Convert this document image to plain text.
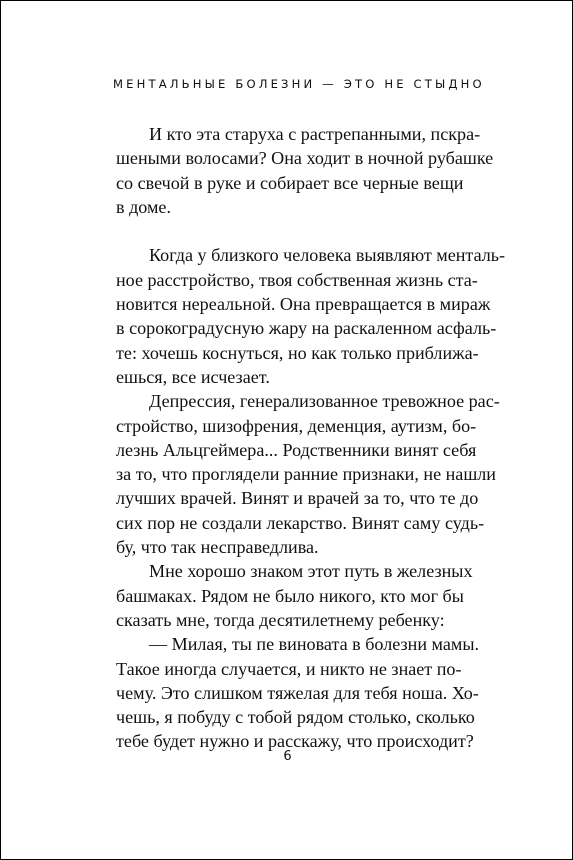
МЕНТАЛЬНЫЕ БОЛЕЗНИ — ЭТО НЕ СТЫДНО
И кто эта старуха с растрепанными, пскра-
шеными волосами? Она ходит в ночной рубашке
со свечой в руке и собирает все черные вещи
в доме.
Когда у близкого человека выявляют менталь-
ное расстройство, твоя собственная жизнь ста-
новится нереальной. Она превращается в мираж
в сорокоградусную жару на раскаленном асфаль-
те: хочешь коснуться, но как только приближа-
ешься, все исчезает.
Депрессия, генерализованное тревожное рас-
стройство, шизофрения, деменция, аутизм, бо-
лезнь Альцгеймера... Родственники винят себя
за то, что проглядели ранние признаки, не нашли
лучших врачей. Винят и врачей за то, что те до
сих пор не создали лекарство. Винят саму судь-
бу, что так несправедлива.
Мне хорошо знаком этот путь в железных
башмаках. Рядом не было никого, кто мог бы
сказать мне, тогда десятилетнему ребенку:
— Милая, ты пе виновата в болезни мамы.
Такое иногда случается, и никто не знает по-
чему. Это слишком тяжелая для тебя ноша. Хо-
чешь, я побуду с тобой рядом столько, сколько
тебе будет нужно и расскажу, что происходит?
6
